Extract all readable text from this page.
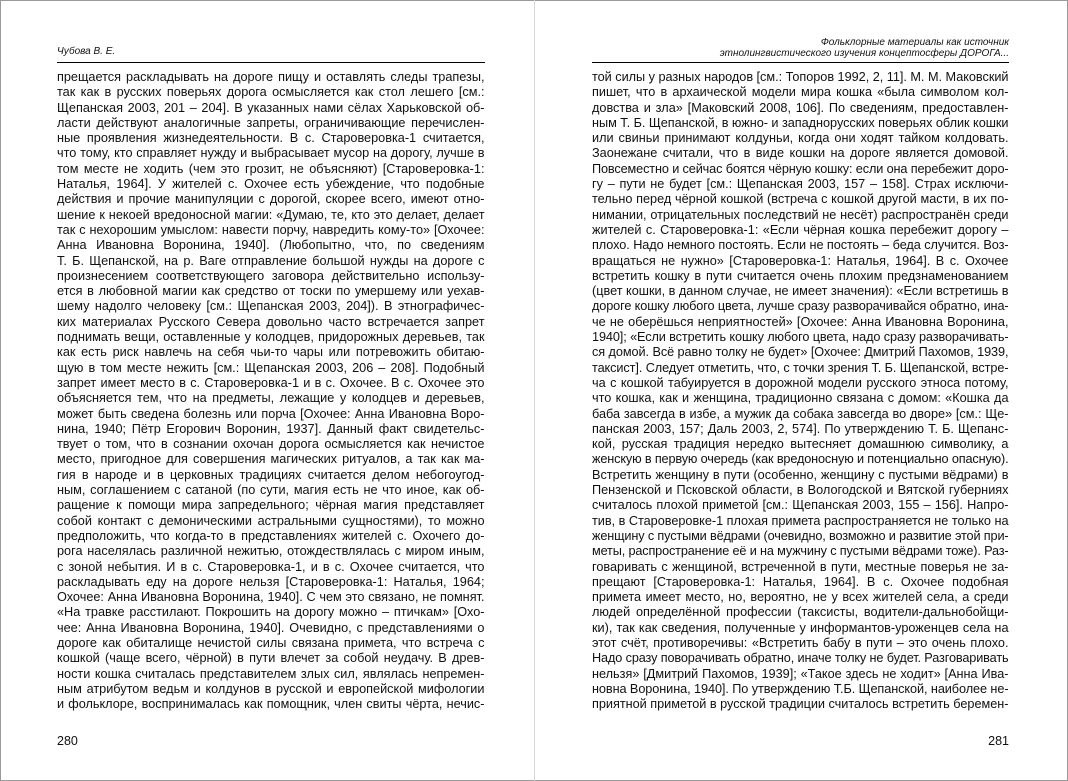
Чубова В. Е.
прещается раскладывать на дороге пищу и оставлять следы трапезы,
так как в русских поверьях дорога осмысляется как стол лешего [см.:
Щепанская 2003, 201 – 204]. В указанных нами сёлах Харьковской об-
ласти действуют аналогичные запреты, ограничивающие перечислен-
ные проявления жизнедеятельности. В с. Староверовка-1 считается,
что тому, кто справляет нужду и выбрасывает мусор на дорогу, лучше в
том месте не ходить (чем это грозит, не объясняют) [Староверовка-1:
Наталья, 1964]. У жителей с. Охочее есть убеждение, что подобные
действия и прочие манипуляции с дорогой, скорее всего, имеют отно-
шение к некоей вредоносной магии: «Думаю, те, кто это делает, делает
так с нехорошим умыслом: навести порчу, навредить кому-то» [Охочее:
Анна Ивановна Воронина, 1940]. (Любопытно, что, по сведениям
Т. Б. Щепанской, на р. Ваге отправление большой нужды на дороге с
произнесением соответствующего заговора действительно использу-
ется в любовной магии как средство от тоски по умершему или уехав-
шему надолго человеку [см.: Щепанская 2003, 204]). В этнографичес-
ких материалах Русского Севера довольно часто встречается запрет
поднимать вещи, оставленные у колодцев, придорожных деревьев, так
как есть риск навлечь на себя чьи-то чары или потревожить обитаю-
щую в том месте нежить [см.: Щепанская 2003, 206 – 208]. Подобный
запрет имеет место в с. Староверовка-1 и в с. Охочее. В с. Охочее это
объясняется тем, что на предметы, лежащие у колодцев и деревьев,
может быть сведена болезнь или порча [Охочее: Анна Ивановна Воро-
нина, 1940; Пётр Егорович Воронин, 1937]. Данный факт свидетельс-
твует о том, что в сознании охочан дорога осмысляется как нечистое
место, пригодное для совершения магических ритуалов, а так как ма-
гия в народе и в церковных традициях считается делом небогоугод-
ным, соглашением с сатаной (по сути, магия есть не что иное, как об-
ращение к помощи мира запредельного; чёрная магия представляет
собой контакт с демоническими астральными сущностями), то можно
предположить, что когда-то в представлениях жителей с. Охочего до-
рога населялась различной нежитью, отождествлялась с миром иным,
с зоной небытия. И в с. Староверовка-1, и в с. Охочее считается, что
раскладывать еду на дороге нельзя [Староверовка-1: Наталья, 1964;
Охочее: Анна Ивановна Воронина, 1940]. С чем это связано, не помнят.
«На травке расстилают. Покрошить на дорогу можно – птичкам» [Охо-
чее: Анна Ивановна Воронина, 1940]. Очевидно, с представлениями о
дороге как обиталище нечистой силы связана примета, что встреча с
кошкой (чаще всего, чёрной) в пути влечет за собой неудачу. В древ-
ности кошка считалась представителем злых сил, являлась непремен-
ным атрибутом ведьм и колдунов в русской и европейской мифологии
и фольклоре, воспринималась как помощник, член свиты чёрта, нечис-
280
Фольклорные материалы как источник
этнолингвистического изучения концептосферы ДОРОГА...
той силы у разных народов [см.: Топоров 1992, 2, 11]. М. М. Маковский
пишет, что в архаической модели мира кошка «была символом кол-
довства и зла» [Маковский 2008, 106]. По сведениям, предоставлен-
ным Т. Б. Щепанской, в южно- и западнорусских поверьях облик кошки
или свиньи принимают колдуньи, когда они ходят тайком колдовать.
Заонежане считали, что в виде кошки на дороге является домовой.
Повсеместно и сейчас боятся чёрную кошку: если она перебежит доро-
гу – пути не будет [см.: Щепанская 2003, 157 – 158]. Страх исключи-
тельно перед чёрной кошкой (встреча с кошкой другой масти, в их по-
нимании, отрицательных последствий не несёт) распространён среди
жителей с. Староверовка-1: «Если чёрная кошка перебежит дорогу –
плохо. Надо немного постоять. Если не постоять – беда случится. Воз-
вращаться не нужно» [Староверовка-1: Наталья, 1964]. В с. Охочее
встретить кошку в пути считается очень плохим предзнаменованием
(цвет кошки, в данном случае, не имеет значения): «Если встретишь в
дороге кошку любого цвета, лучше сразу разворачивайся обратно, ина-
че не оберёшься неприятностей» [Охочее: Анна Ивановна Воронина,
1940]; «Если встретить кошку любого цвета, надо сразу разворачивать-
ся домой. Всё равно толку не будет» [Охочее: Дмитрий Пахомов, 1939,
таксист]. Следует отметить, что, с точки зрения Т. Б. Щепанской, встре-
ча с кошкой табуируется в дорожной модели русского этноса потому,
что кошка, как и женщина, традиционно связана с домом: «Кошка да
баба завсегда в избе, а мужик да собака завсегда во дворе» [см.: Ще-
панская 2003, 157; Даль 2003, 2, 574]. По утверждению Т. Б. Щепанс-
кой, русская традиция нередко вытесняет домашнюю символику, а
женскую в первую очередь (как вредоносную и потенциально опасную).
Встретить женщину в пути (особенно, женщину с пустыми вёдрами) в
Пензенской и Псковской области, в Вологодской и Вятской губерниях
считалось плохой приметой [см.: Щепанская 2003, 155 – 156]. Напро-
тив, в Староверовке-1 плохая примета распространяется не только на
женщину с пустыми вёдрами (очевидно, возможно и развитие этой при-
меты, распространение её и на мужчину с пустыми вёдрами тоже). Раз-
говаривать с женщиной, встреченной в пути, местные поверья не за-
прещают [Староверовка-1: Наталья, 1964]. В с. Охочее подобная
примета имеет место, но, вероятно, не у всех жителей села, а среди
людей определённой профессии (таксисты, водители-дальнобойщи-
ки), так как сведения, полученные у информантов-уроженцев села на
этот счёт, противоречивы: «Встретить бабу в пути – это очень плохо.
Надо сразу поворачивать обратно, иначе толку не будет. Разговаривать
нельзя» [Дмитрий Пахомов, 1939]; «Такое здесь не ходит» [Анна Ива-
новна Воронина, 1940]. По утверждению Т.Б. Щепанской, наиболее не-
приятной приметой в русской традиции считалось встретить беремен-
281
